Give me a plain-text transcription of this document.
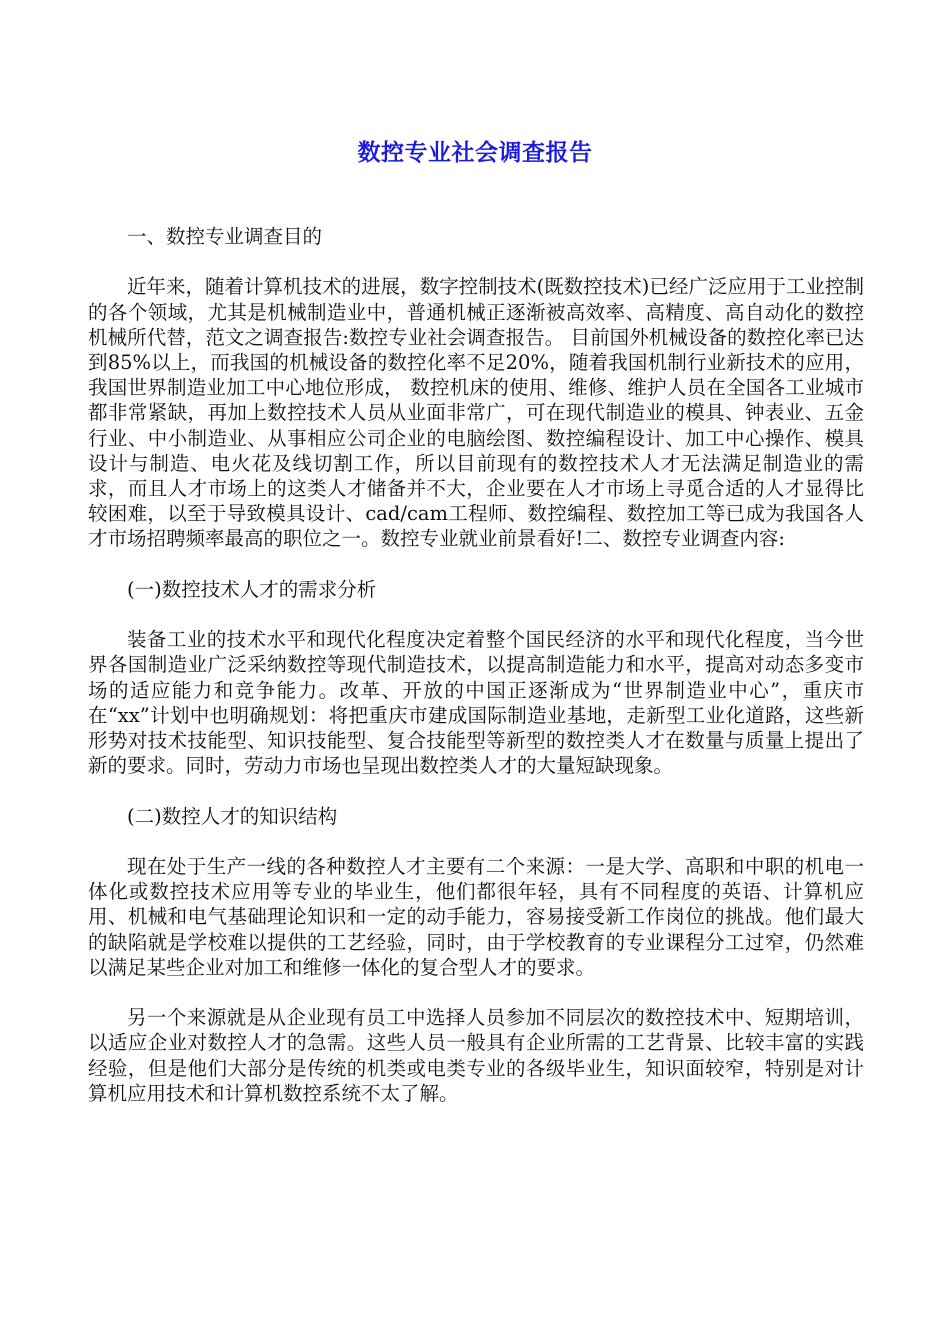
数控专业社会调查报告

一、数控专业调查目的

近年来，随着计算机技术的进展，数字控制技术(既数控技术)已经广泛应用于工业控制的各个领域，尤其是机械制造业中，普通机械正逐渐被高效率、高精度、高自动化的数控机械所代替，范文之调查报告:数控专业社会调查报告。 目前国外机械设备的数控化率已达到85%以上，而我国的机械设备的数控化率不足20%，随着我国机制行业新技术的应用，我国世界制造业加工中心地位形成， 数控机床的使用、维修、维护人员在全国各工业城市都非常紧缺，再加上数控技术人员从业面非常广，可在现代制造业的模具、钟表业、五金行业、中小制造业、从事相应公司企业的电脑绘图、数控编程设计、加工中心操作、模具设计与制造、电火花及线切割工作，所以目前现有的数控技术人才无法满足制造业的需求，而且人才市场上的这类人才储备并不大，企业要在人才市场上寻觅合适的人才显得比较困难，以至于导致模具设计、cad/cam工程师、数控编程、数控加工等已成为我国各人才市场招聘频率最高的职位之一。数控专业就业前景看好!二、数控专业调查内容:

(一)数控技术人才的需求分析

装备工业的技术水平和现代化程度决定着整个国民经济的水平和现代化程度，当今世界各国制造业广泛采纳数控等现代制造技术，以提高制造能力和水平，提高对动态多变市场的适应能力和竞争能力。改革、开放的中国正逐渐成为“世界制造业中心”，重庆市在“xx”计划中也明确规划：将把重庆市建成国际制造业基地，走新型工业化道路，这些新形势对技术技能型、知识技能型、复合技能型等新型的数控类人才在数量与质量上提出了新的要求。同时，劳动力市场也呈现出数控类人才的大量短缺现象。

(二)数控人才的知识结构

现在处于生产一线的各种数控人才主要有二个来源：一是大学、高职和中职的机电一体化或数控技术应用等专业的毕业生，他们都很年轻，具有不同程度的英语、计算机应用、机械和电气基础理论知识和一定的动手能力，容易接受新工作岗位的挑战。他们最大的缺陷就是学校难以提供的工艺经验，同时，由于学校教育的专业课程分工过窄，仍然难以满足某些企业对加工和维修一体化的复合型人才的要求。

另一个来源就是从企业现有员工中选择人员参加不同层次的数控技术中、短期培训，以适应企业对数控人才的急需。这些人员一般具有企业所需的工艺背景、比较丰富的实践经验，但是他们大部分是传统的机类或电类专业的各级毕业生，知识面较窄，特别是对计算机应用技术和计算机数控系统不太了解。
